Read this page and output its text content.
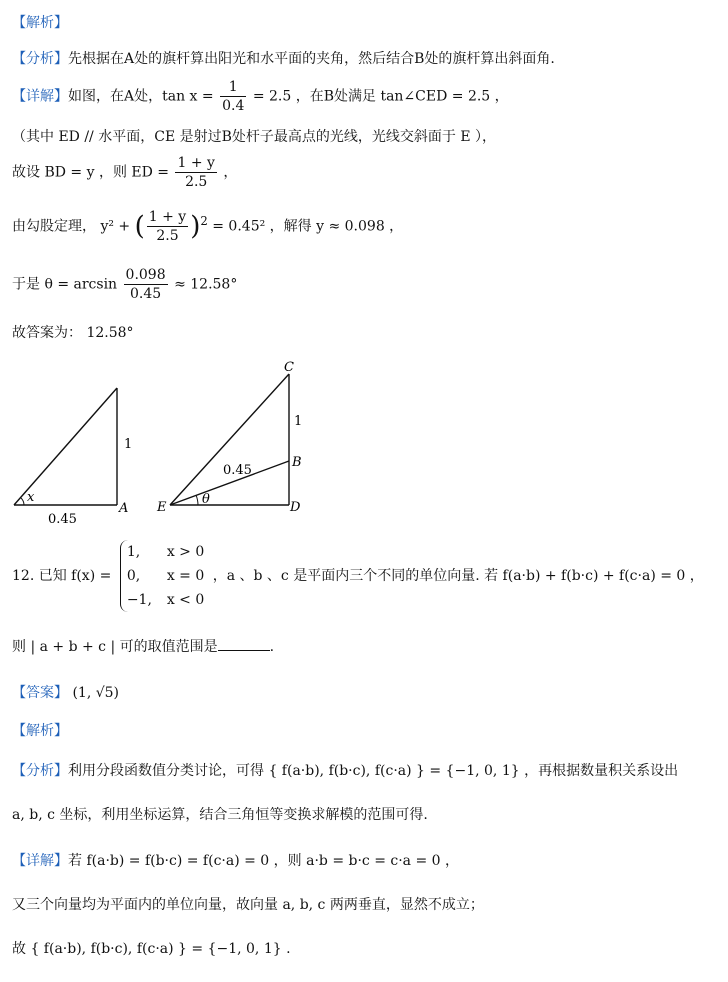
【解析】
【分析】先根据在A处的旗杆算出阳光和水平面的夹角，然后结合B处的旗杆算出斜面角.
【详解】如图，在A处，$\tan x = \frac{1}{0.4} = 2.5$ ，在B处满足 tan∠CED = 2.5 ，
（其中 ED // 水平面，CE 是射过B处杆子最高点的光线，光线交斜面于 E ），
故设 BD = y ，则 ED = $\frac{1 + y}{2.5}$ ，
由勾股定理， y² + ( $\frac{1 + y}{2.5} )^2 = 0.45^2$ ，解得 y ≈ 0.098 ，
于是 $\theta = \arcsin \frac{0.098}{0.45} \approx 12.58^\circ$
故答案为： 12.58°
1
x
0.45
A
C
1
B
0.45
E
θ
D
12. 已知 f(x) =
1, x > 0
0, x = 0
−1, x < 0
，a 、b 、c 是平面内三个不同的单位向量. 若 f(a·b) + f(b·c) + f(c·a) = 0 ，
则 | a + b + c | 可的取值范围是	.
【答案】 (1, √5)
【解析】
【分析】利用分段函数值分类讨论，可得 { f(a·b), f(b·c), f(c·a) } = {−1, 0, 1} ，再根据数量积关系设出
a, b, c 坐标，利用坐标运算，结合三角恒等变换求解模的范围可得.
【详解】若 f(a·b) = f(b·c) = f(c·a) = 0 ，则 a·b = b·c = c·a = 0 ，
又三个向量均为平面内的单位向量，故向量 a, b, c 两两垂直，显然不成立；
故 { f(a·b), f(b·c), f(c·a) } = {−1, 0, 1} .
